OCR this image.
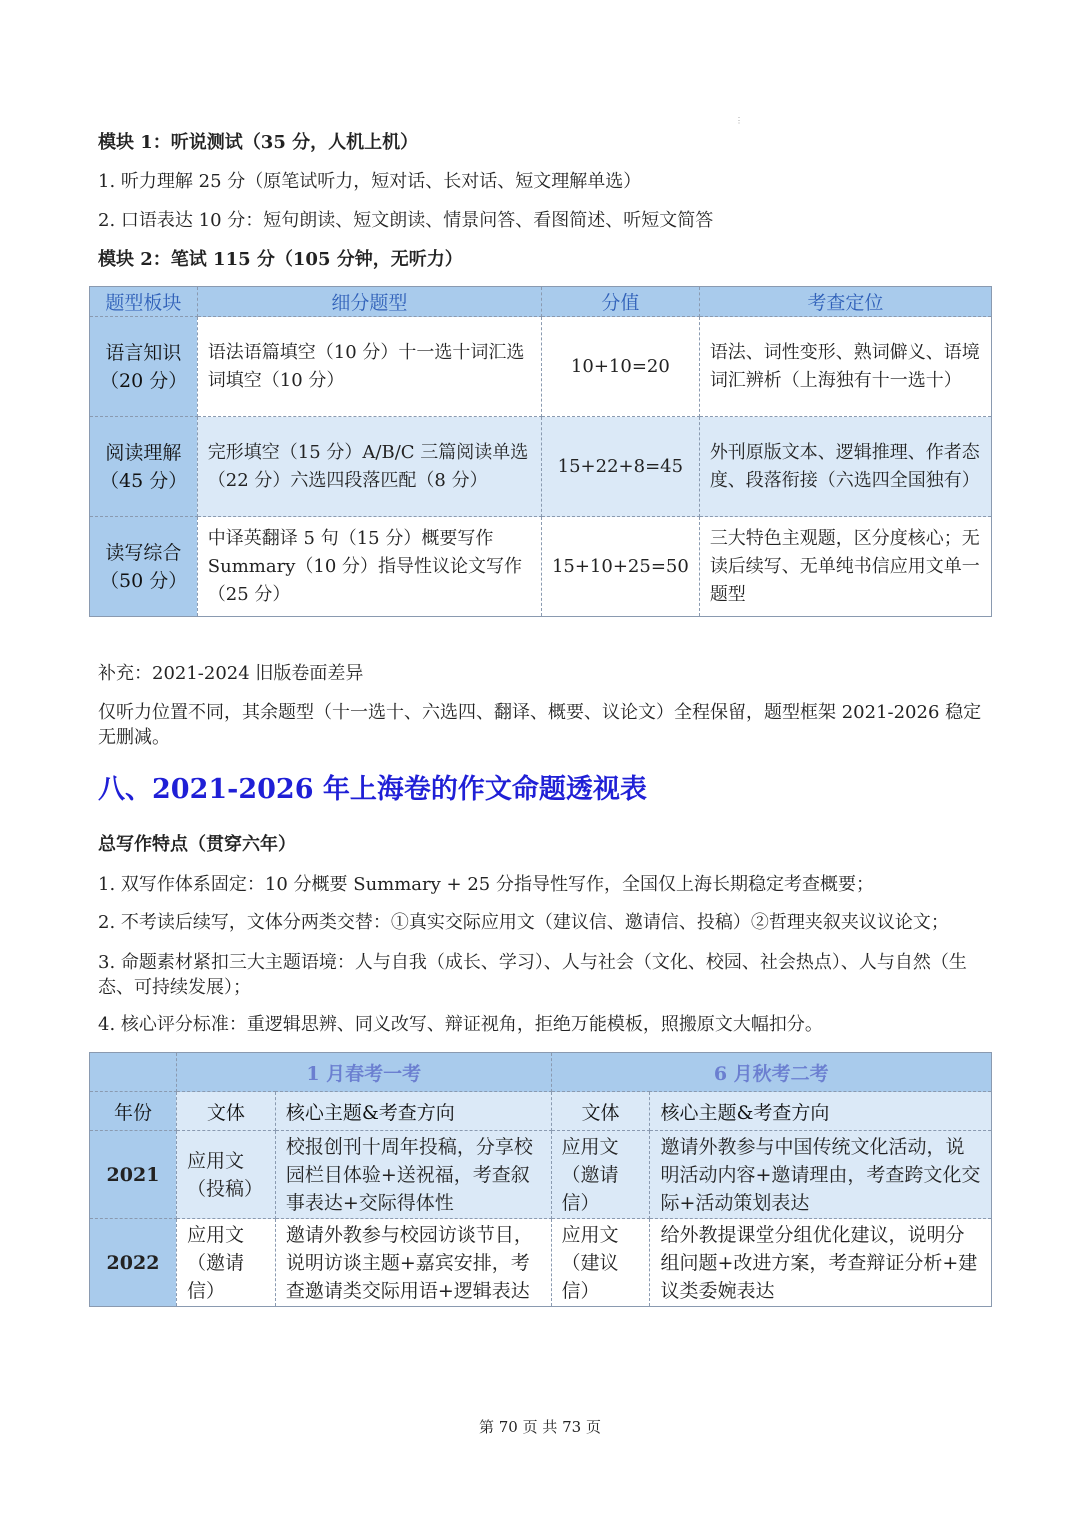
⋮
模块 1：听说测试（35 分，人机上机）
1. 听力理解 25 分（原笔试听力，短对话、长对话、短文理解单选）
2. 口语表达 10 分：短句朗读、短文朗读、情景问答、看图简述、听短文简答
模块 2：笔试 115 分（105 分钟，无听力）
题型板块	细分题型	分值	考查定位
语言知识
（20 分）	语法语篇填空（10 分）十一选十词汇选词填空（10 分）	10+10=20	语法、词性变形、熟词僻义、语境词汇辨析（上海独有十一选十）
阅读理解
（45 分）	完形填空（15 分）A/B/C 三篇阅读单选（22 分）六选四段落匹配（8 分）	15+22+8=45	外刊原版文本、逻辑推理、作者态度、段落衔接（六选四全国独有）
读写综合
（50 分）	中译英翻译 5 句（15 分）概要写作 Summary（10 分）指导性议论文写作（25 分）	15+10+25=50	三大特色主观题，区分度核心；无读后续写、无单纯书信应用文单一题型
补充：2021-2024 旧版卷面差异
仅听力位置不同，其余题型（十一选十、六选四、翻译、概要、议论文）全程保留，题型框架 2021-2026 稳定无删减。
八、2021-2026 年上海卷的作文命题透视表
总写作特点（贯穿六年）
1. 双写作体系固定：10 分概要 Summary + 25 分指导性写作，全国仅上海长期稳定考查概要；
2. 不考读后续写，文体分两类交替：①真实交际应用文（建议信、邀请信、投稿）②哲理夹叙夹议议论文；
3. 命题素材紧扣三大主题语境：人与自我（成长、学习）、人与社会（文化、校园、社会热点）、人与自然（生态、可持续发展）；
4. 核心评分标准：重逻辑思辨、同义改写、辩证视角，拒绝万能模板，照搬原文大幅扣分。
	1 月春考一考		6 月秋考二考	
年份	文体	核心主题&考查方向	文体	核心主题&考查方向
2021	应用文（投稿）	校报创刊十周年投稿，分享校园栏目体验+送祝福，考查叙事表达+交际得体性	应用文（邀请信）	邀请外教参与中国传统文化活动，说明活动内容+邀请理由，考查跨文化交际+活动策划表达
2022	应用文（邀请信）	邀请外教参与校园访谈节目，说明访谈主题+嘉宾安排，考查邀请类交际用语+逻辑表达	应用文（建议信）	给外教提课堂分组优化建议，说明分组问题+改进方案，考查辩证分析+建议类委婉表达
第 70 页 共 73 页
